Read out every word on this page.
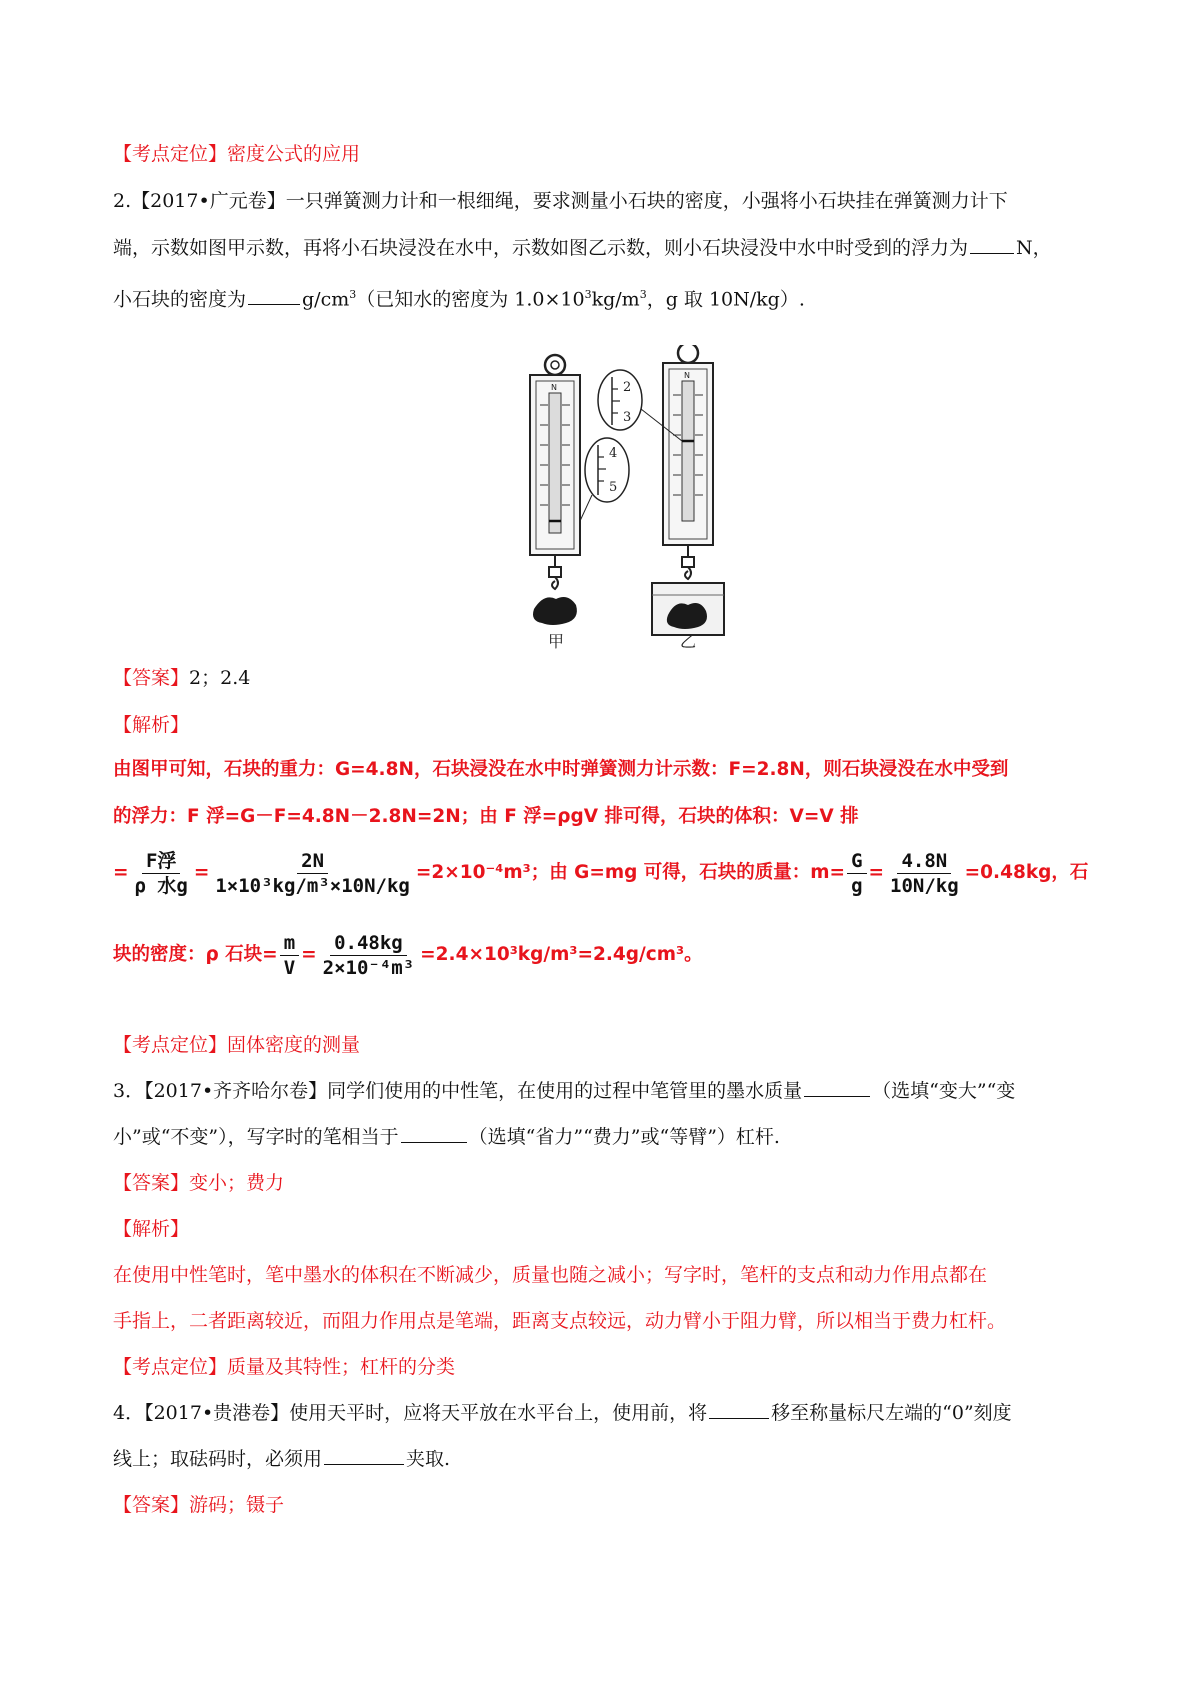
【考点定位】密度公式的应用
2.【2017•广元卷】一只弹簧测力计和一根细绳，要求测量小石块的密度，小强将小石块挂在弹簧测力计下
端，示数如图甲示数，再将小石块浸没在水中，示数如图乙示数，则小石块浸没中水中时受到的浮力为	N，
小石块的密度为	$g/cm^3$（已知水的密度为 $1.0\times 10^3kg/m^3$，g 取 10N/kg）.
N
4
5
甲
N
2
3
乙
【答案】2；2.4
【解析】
由图甲可知，石块的重力：G=4.8N，石块浸没在水中时弹簧测力计示数：F=2.8N，则石块浸没在水中受到
的浮力：F 浮=G－F=4.8N－2.8N=2N；由 F 浮=ρgV 排可得，石块的体积：V=V 排
= $\frac{\text{F浮}}{\text{ρ 水g}} = \frac{2N}{\text{1×10³kg/m³×10N/kg}} =2\times 10^{-4}m^3$；由 G=mg 可得，石块的质量：$m= \frac{G}{g} = \frac{4.8N}{10N/kg} =0.48kg$，石
块的密度：ρ 石块= $\frac{m}{V} = \frac{0.48kg}{\text{2×10⁻⁴m³}} =2.4\times 10^3kg/m^3=2.4g/cm^3$。
【考点定位】固体密度的测量
3．【2017•齐齐哈尔卷】同学们使用的中性笔，在使用的过程中笔管里的墨水质量	（选填“变大”“变
小”或“不变”），写字时的笔相当于	（选填“省力”“费力”或“等臂”）杠杆.
【答案】变小；费力
【解析】
在使用中性笔时，笔中墨水的体积在不断减少，质量也随之减小；写字时，笔杆的支点和动力作用点都在
手指上，二者距离较近，而阻力作用点是笔端，距离支点较远，动力臂小于阻力臂，所以相当于费力杠杆。
【考点定位】质量及其特性；杠杆的分类
4．【2017•贵港卷】使用天平时，应将天平放在水平台上，使用前，将	移至称量标尺左端的“0”刻度
线上；取砝码时，必须用	夹取.
【答案】游码；镊子
